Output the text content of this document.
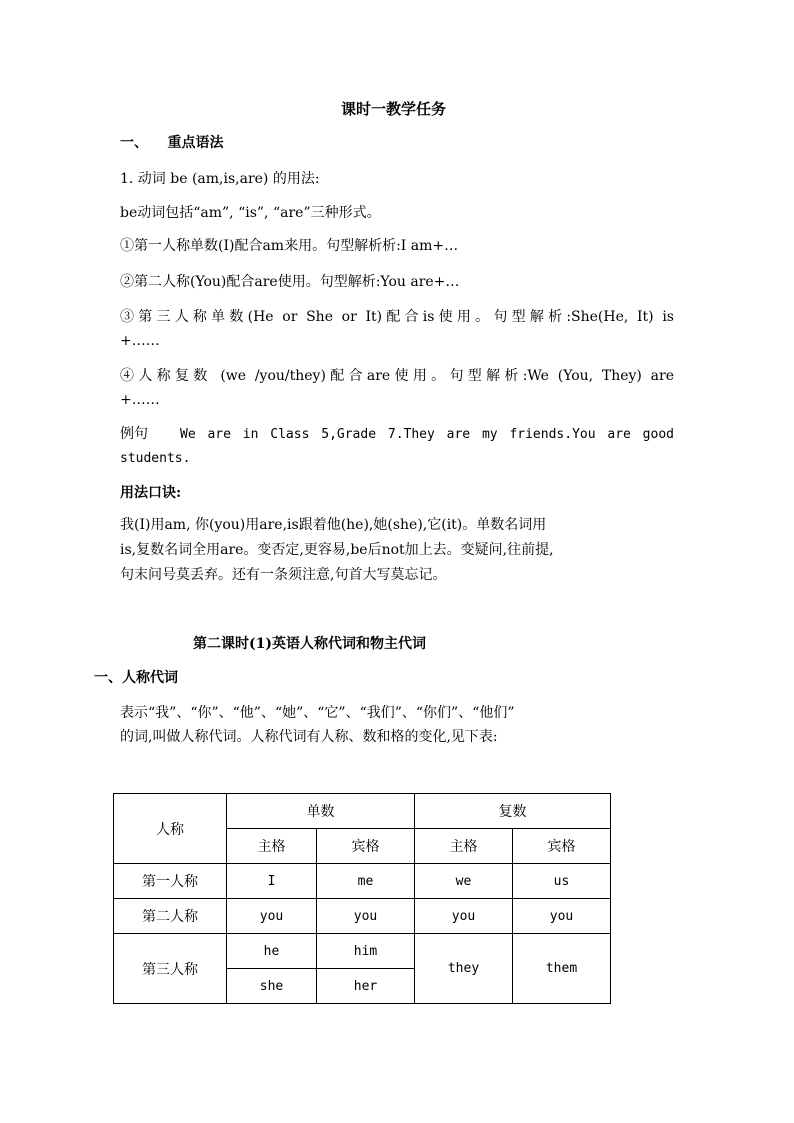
课时一教学任务
一、    重点语法
1. 动词 be (am,is,are) 的用法:
be动词包括“am”, “is”, “are”三种形式。
①第一人称单数(I)配合am来用。句型解析析:I am+…
②第二人称(You)配合are使用。句型解析:You are+…
③第三人称单数(He or She or It)配合is使用。句型解析:She(He, It) is
+……
④人称复数 (we /you/they)配合are使用。句型解析:We (You, They) are
+……
例句 We are in Class 5,Grade 7.They are my friends.You are good
students.
用法口诀:
我(I)用am, 你(you)用are,is跟着他(he),她(she),它(it)。单数名词用
is,复数名词全用are。变否定,更容易,be后not加上去。变疑问,往前提,
句末问号莫丢弃。还有一条须注意,句首大写莫忘记。
第二课时(1)英语人称代词和物主代词
一、人称代词
表示“我”、“你”、“他”、“她”、“它”、“我们”、“你们”、“他们”
的词,叫做人称代词。人称代词有人称、数和格的变化,见下表:
人称	单数		复数	
	主格	宾格	主格	宾格
第一人称	I	me	we	us
第二人称	you	you	you	you
第三人称	he	him	they	them
	she	her		
